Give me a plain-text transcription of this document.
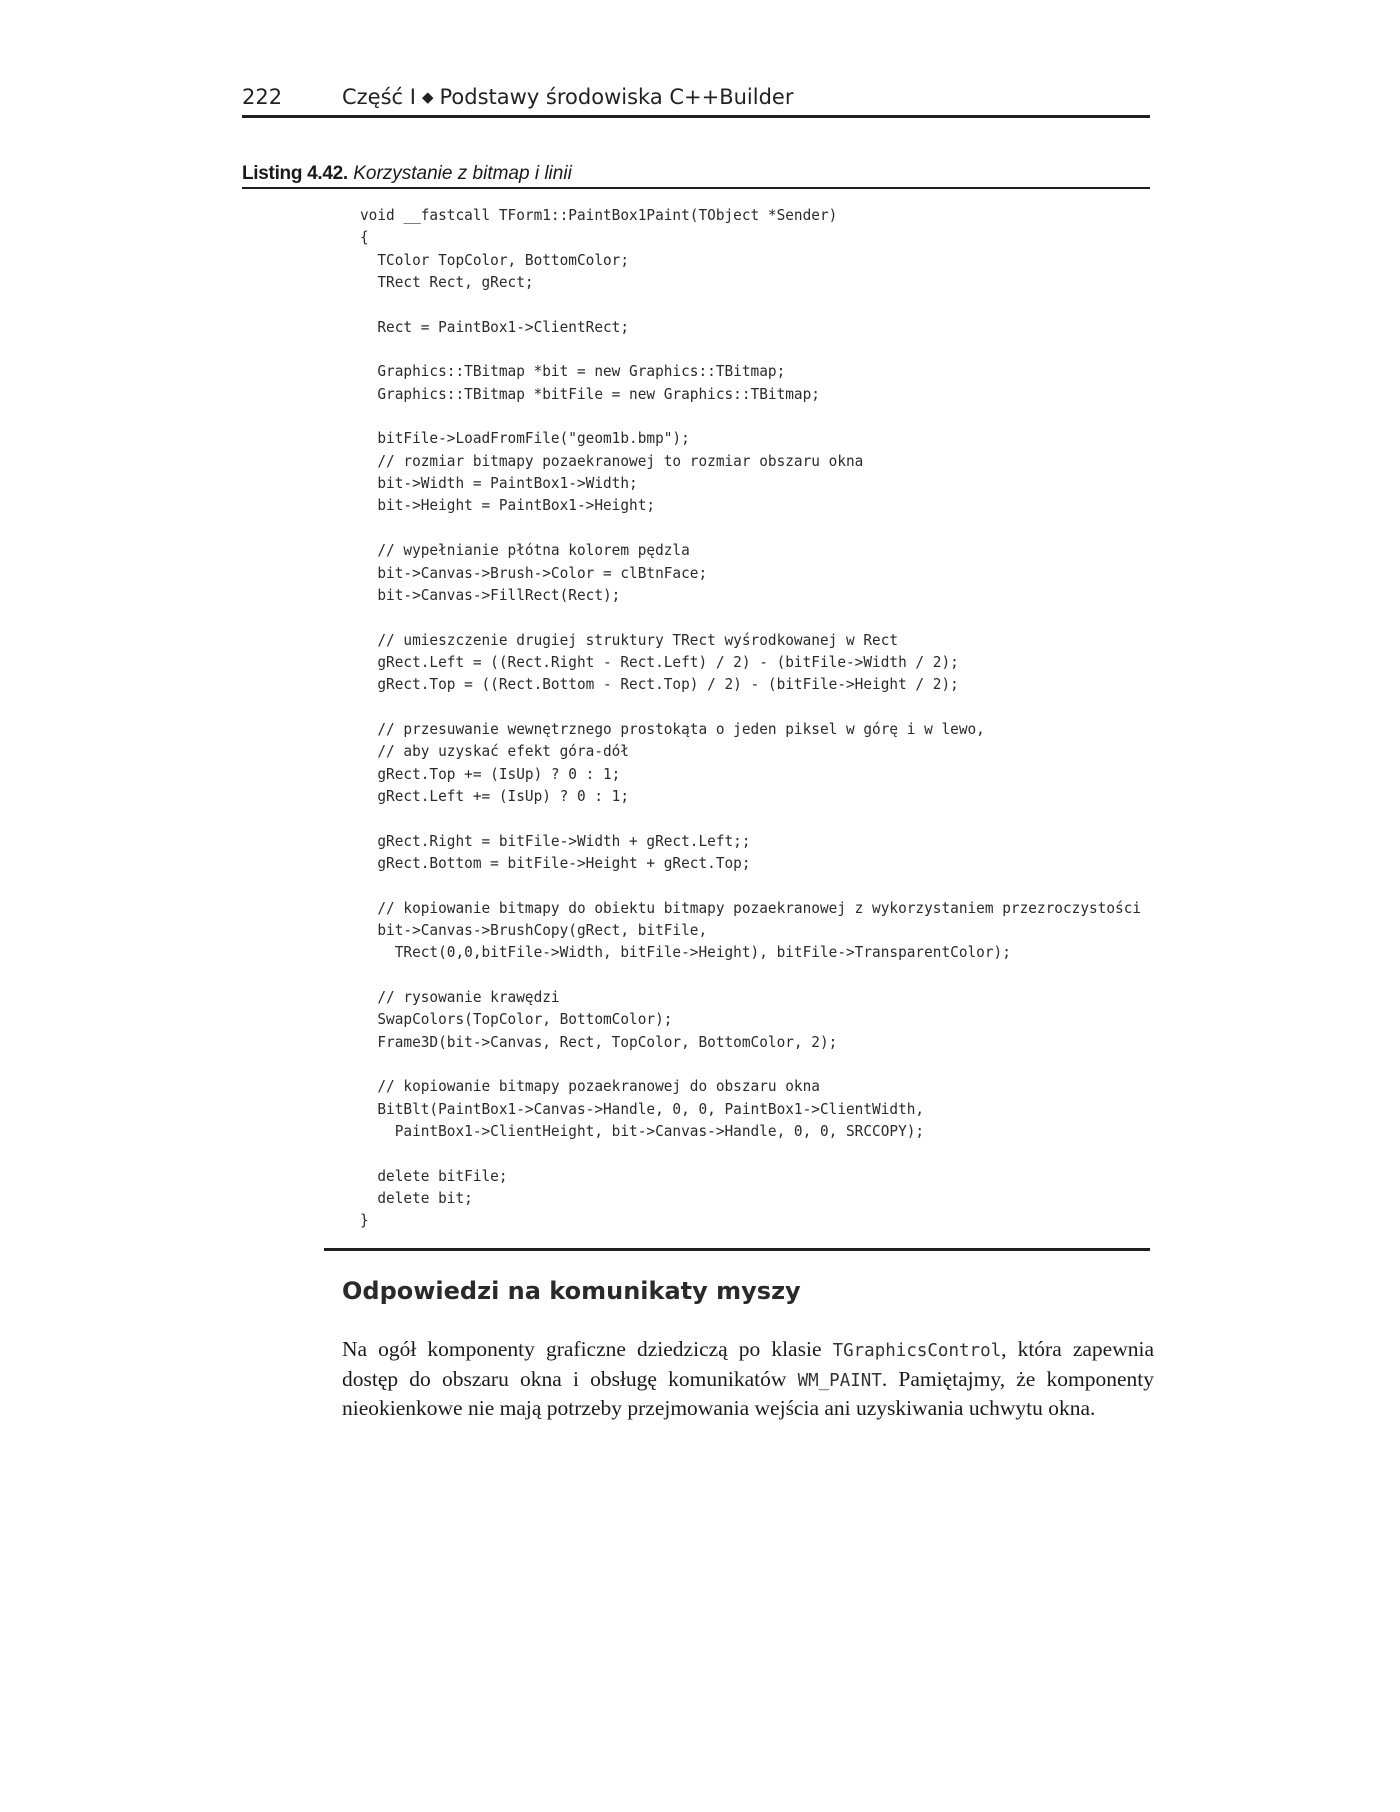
222	Część I ◆ Podstawy środowiska C++Builder
Listing 4.42. Korzystanie z bitmap i linii
void __fastcall TForm1::PaintBox1Paint(TObject *Sender)
{
TColor TopColor, BottomColor;
TRect Rect, gRect;

Rect = PaintBox1->ClientRect;

Graphics::TBitmap *bit = new Graphics::TBitmap;
Graphics::TBitmap *bitFile = new Graphics::TBitmap;

bitFile->LoadFromFile("geom1b.bmp");
// rozmiar bitmapy pozaekranowej to rozmiar obszaru okna
bit->Width = PaintBox1->Width;
bit->Height = PaintBox1->Height;

// wypełnianie płótna kolorem pędzla
bit->Canvas->Brush->Color = clBtnFace;
bit->Canvas->FillRect(Rect);

// umieszczenie drugiej struktury TRect wyśrodkowanej w Rect
gRect.Left = ((Rect.Right - Rect.Left) / 2) - (bitFile->Width / 2);
gRect.Top = ((Rect.Bottom - Rect.Top) / 2) - (bitFile->Height / 2);

// przesuwanie wewnętrznego prostokąta o jeden piksel w górę i w lewo,
// aby uzyskać efekt góra-dół
gRect.Top += (IsUp) ? 0 : 1;
gRect.Left += (IsUp) ? 0 : 1;

gRect.Right = bitFile->Width + gRect.Left;;
gRect.Bottom = bitFile->Height + gRect.Top;

// kopiowanie bitmapy do obiektu bitmapy pozaekranowej z wykorzystaniem przezroczystości
bit->Canvas->BrushCopy(gRect, bitFile,
TRect(0,0,bitFile->Width, bitFile->Height), bitFile->TransparentColor);

// rysowanie krawędzi
SwapColors(TopColor, BottomColor);
Frame3D(bit->Canvas, Rect, TopColor, BottomColor, 2);

// kopiowanie bitmapy pozaekranowej do obszaru okna
BitBlt(PaintBox1->Canvas->Handle, 0, 0, PaintBox1->ClientWidth,
PaintBox1->ClientHeight, bit->Canvas->Handle, 0, 0, SRCCOPY);

delete bitFile;
delete bit;
}
Odpowiedzi na komunikaty myszy

Na ogół komponenty graficzne dziedziczą po klasie TGraphicsControl, która zapewnia dostęp do obszaru okna i obsługę komunikatów WM_PAINT. Pamiętajmy, że komponenty nieokienkowe nie mają potrzeby przejmowania wejścia ani uzyskiwania uchwytu okna.
